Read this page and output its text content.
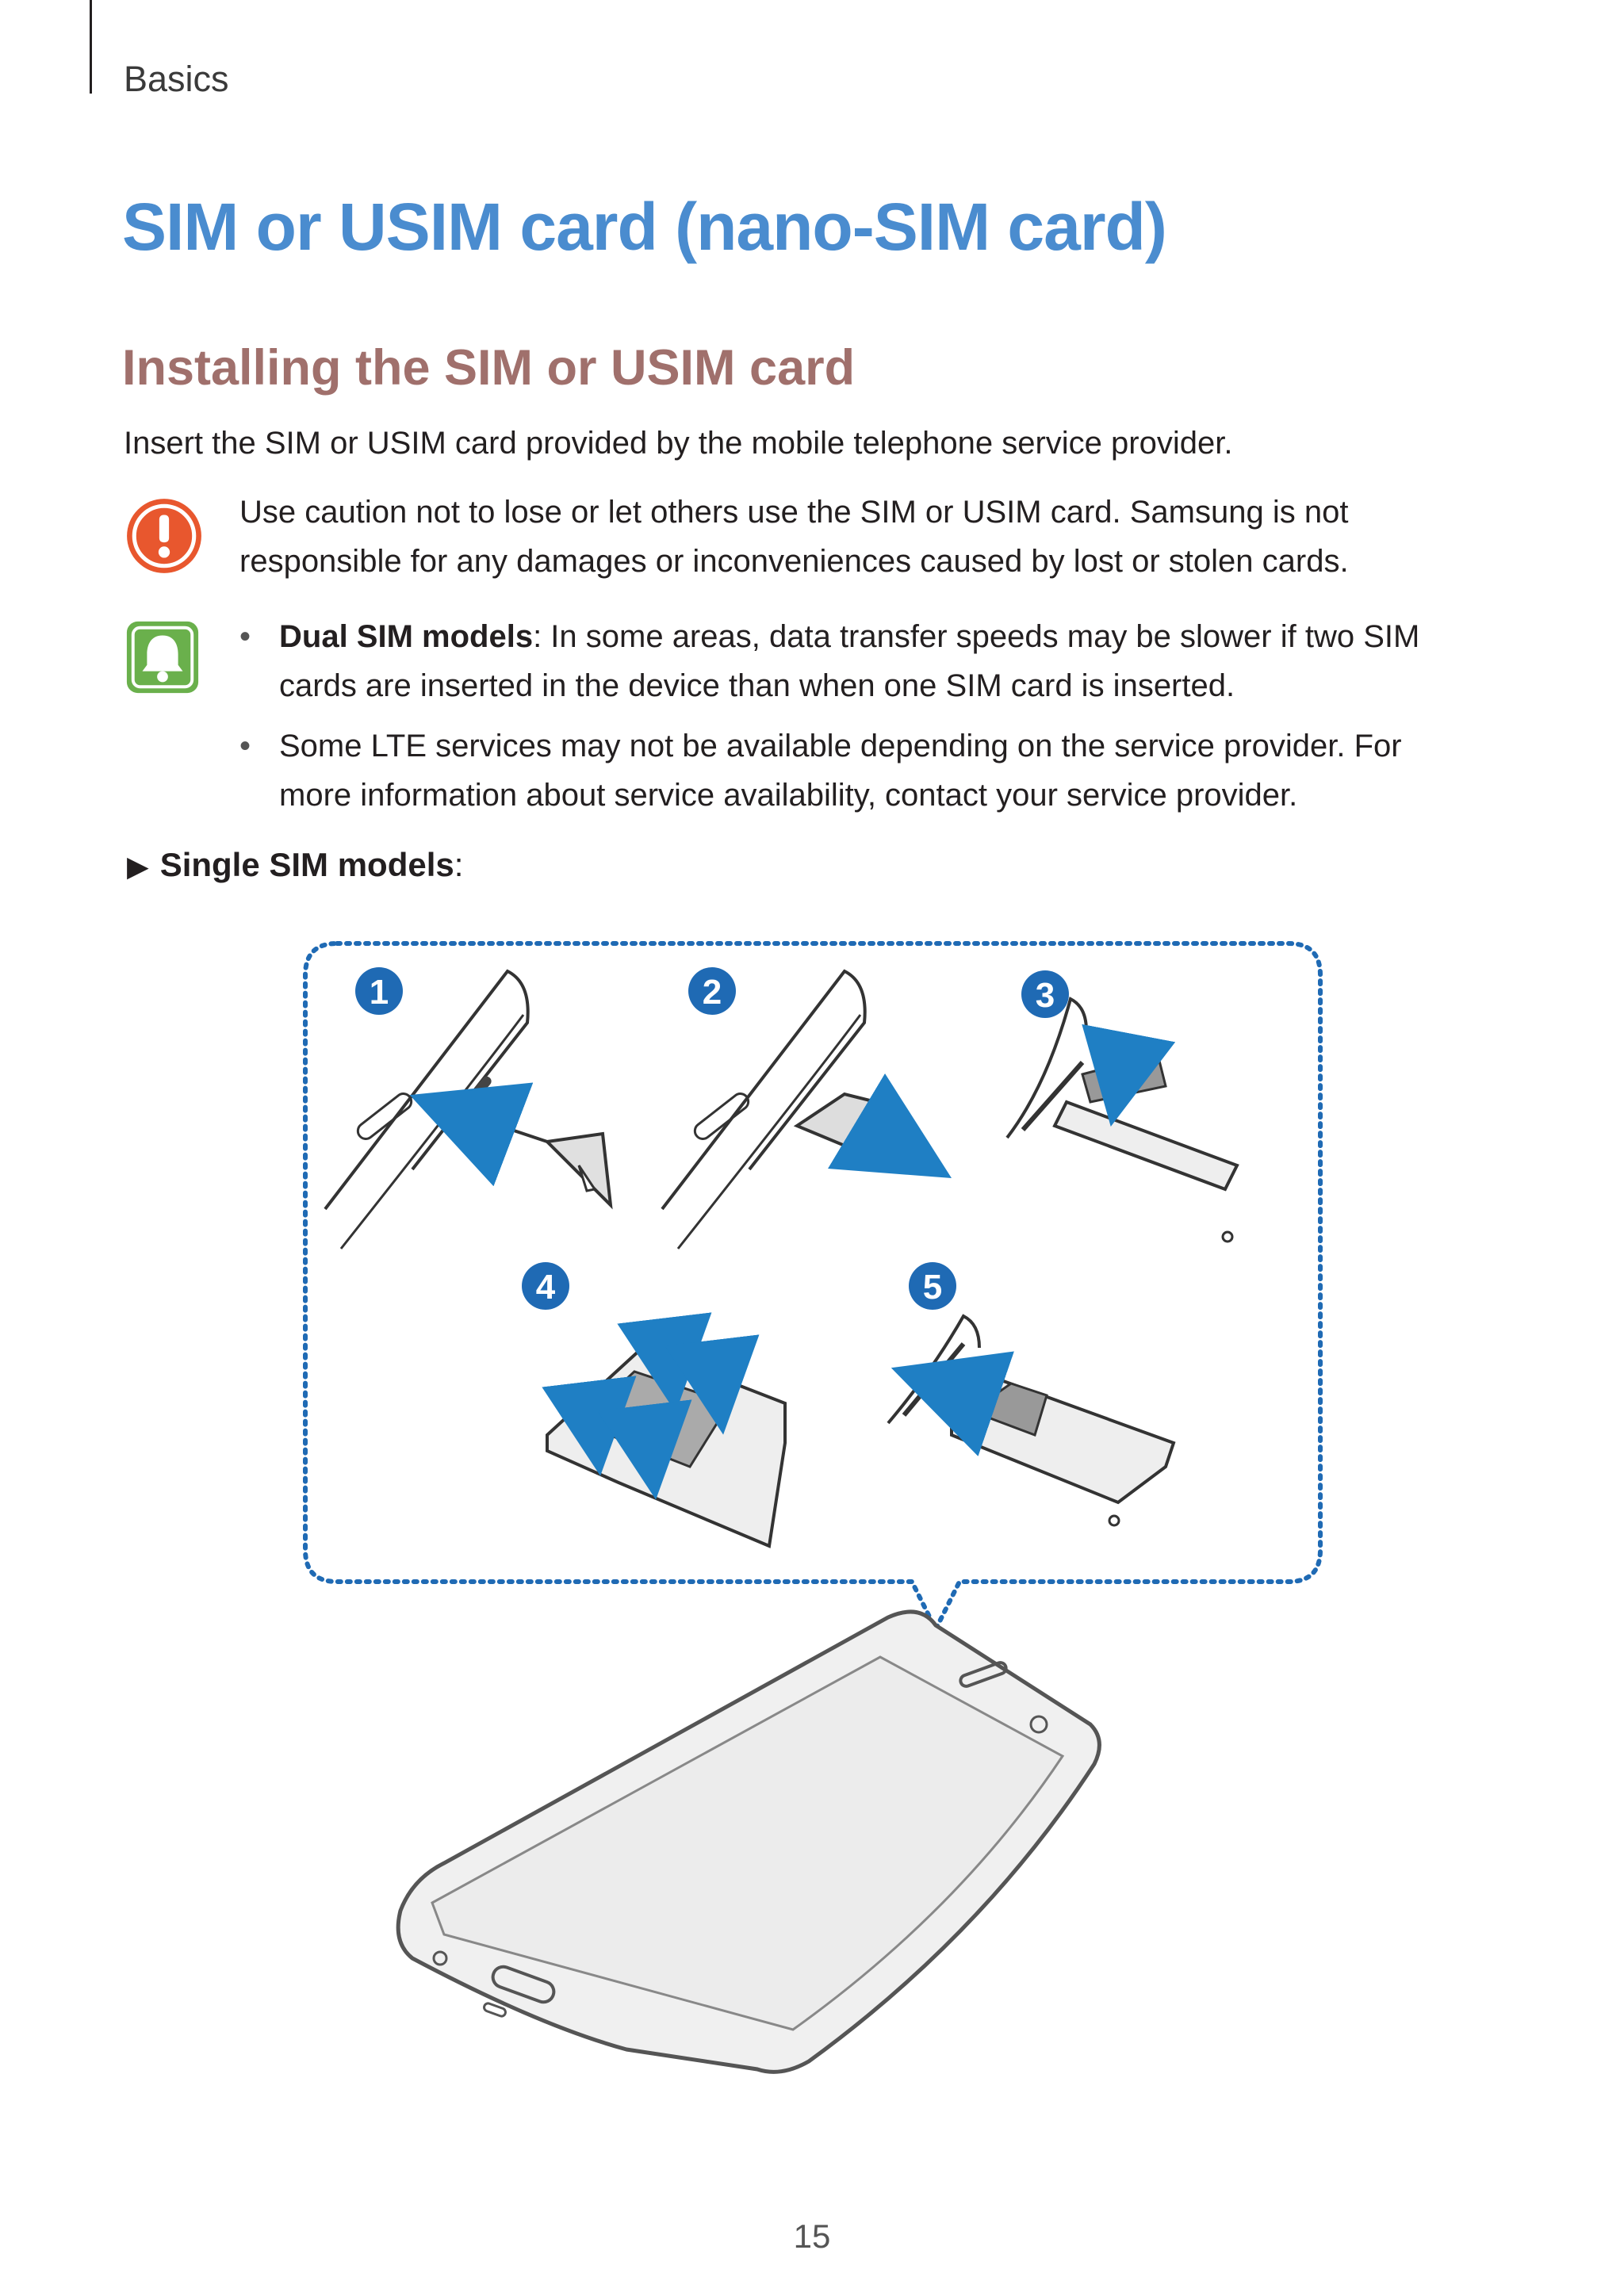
Basics
SIM or USIM card (nano-SIM card)
Installing the SIM or USIM card
Insert the SIM or USIM card provided by the mobile telephone service provider.
Use caution not to lose or let others use the SIM or USIM card. Samsung is not responsible for any damages or inconveniences caused by lost or stolen cards.
• Dual SIM models: In some areas, data transfer speeds may be slower if two SIM cards are inserted in the device than when one SIM card is inserted.
• Some LTE services may not be available depending on the service provider. For more information about service availability, contact your service provider.
▶ Single SIM models:
1	2	3
4	5
15
